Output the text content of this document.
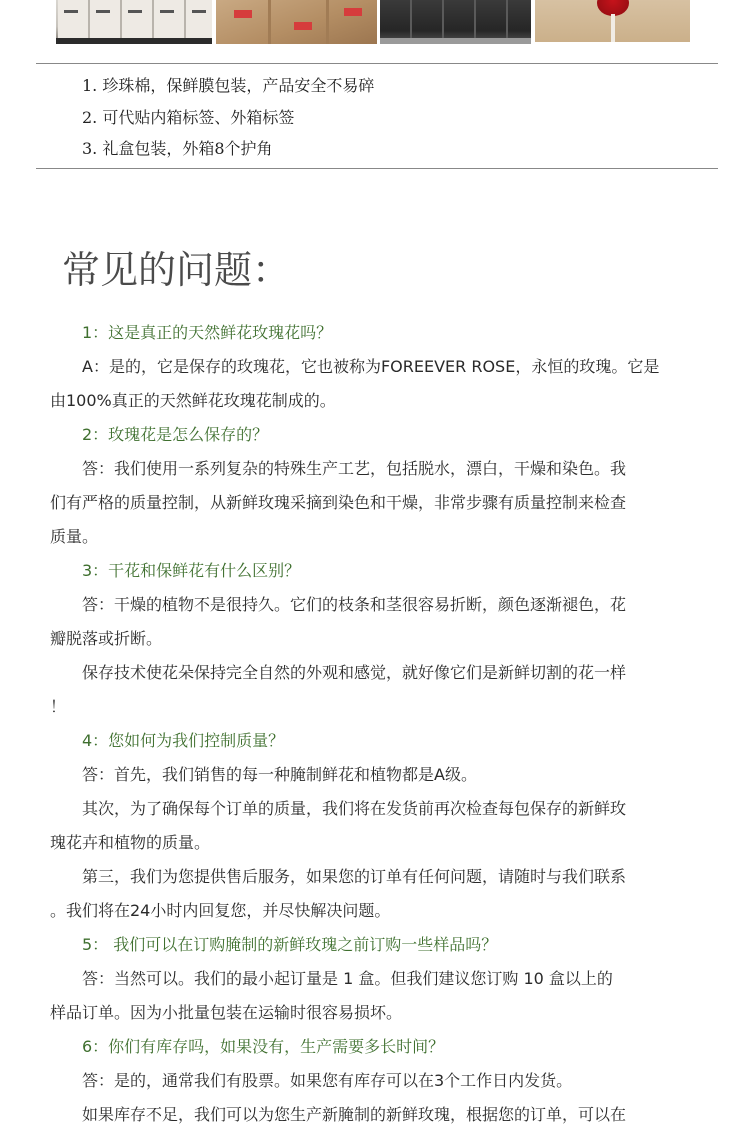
1. 珍珠棉，保鲜膜包装，产品安全不易碎
2. 可代贴内箱标签、外箱标签
3. 礼盒包装，外箱8个护角
常见的问题：
1：这是真正的天然鲜花玫瑰花吗？
A：是的，它是保存的玫瑰花，它也被称为FOREEVER ROSE，永恒的玫瑰。它是
由100%真正的天然鲜花玫瑰花制成的。
2：玫瑰花是怎么保存的？
答：我们使用一系列复杂的特殊生产工艺，包括脱水，漂白，干燥和染色。我
们有严格的质量控制，从新鲜玫瑰采摘到染色和干燥，非常步骤有质量控制来检查
质量。
3：干花和保鲜花有什么区别？
答：干燥的植物不是很持久。它们的枝条和茎很容易折断，颜色逐渐褪色，花
瓣脱落或折断。
保存技术使花朵保持完全自然的外观和感觉，就好像它们是新鲜切割的花一样
！
4：您如何为我们控制质量？
答：首先，我们销售的每一种腌制鲜花和植物都是A级。
其次，为了确保每个订单的质量，我们将在发货前再次检查每包保存的新鲜玫
瑰花卉和植物的质量。
第三，我们为您提供售后服务，如果您的订单有任何问题，请随时与我们联系
。我们将在24小时内回复您，并尽快解决问题。
5： 我们可以在订购腌制的新鲜玫瑰之前订购一些样品吗？
答：当然可以。我们的最小起订量是 1 盒。但我们建议您订购 10 盒以上的
样品订单。因为小批量包装在运输时很容易损坏。
6：你们有库存吗，如果没有，生产需要多长时间？
答：是的，通常我们有股票。如果您有库存可以在3个工作日内发货。
如果库存不足，我们可以为您生产新腌制的新鲜玫瑰，根据您的订单，可以在
